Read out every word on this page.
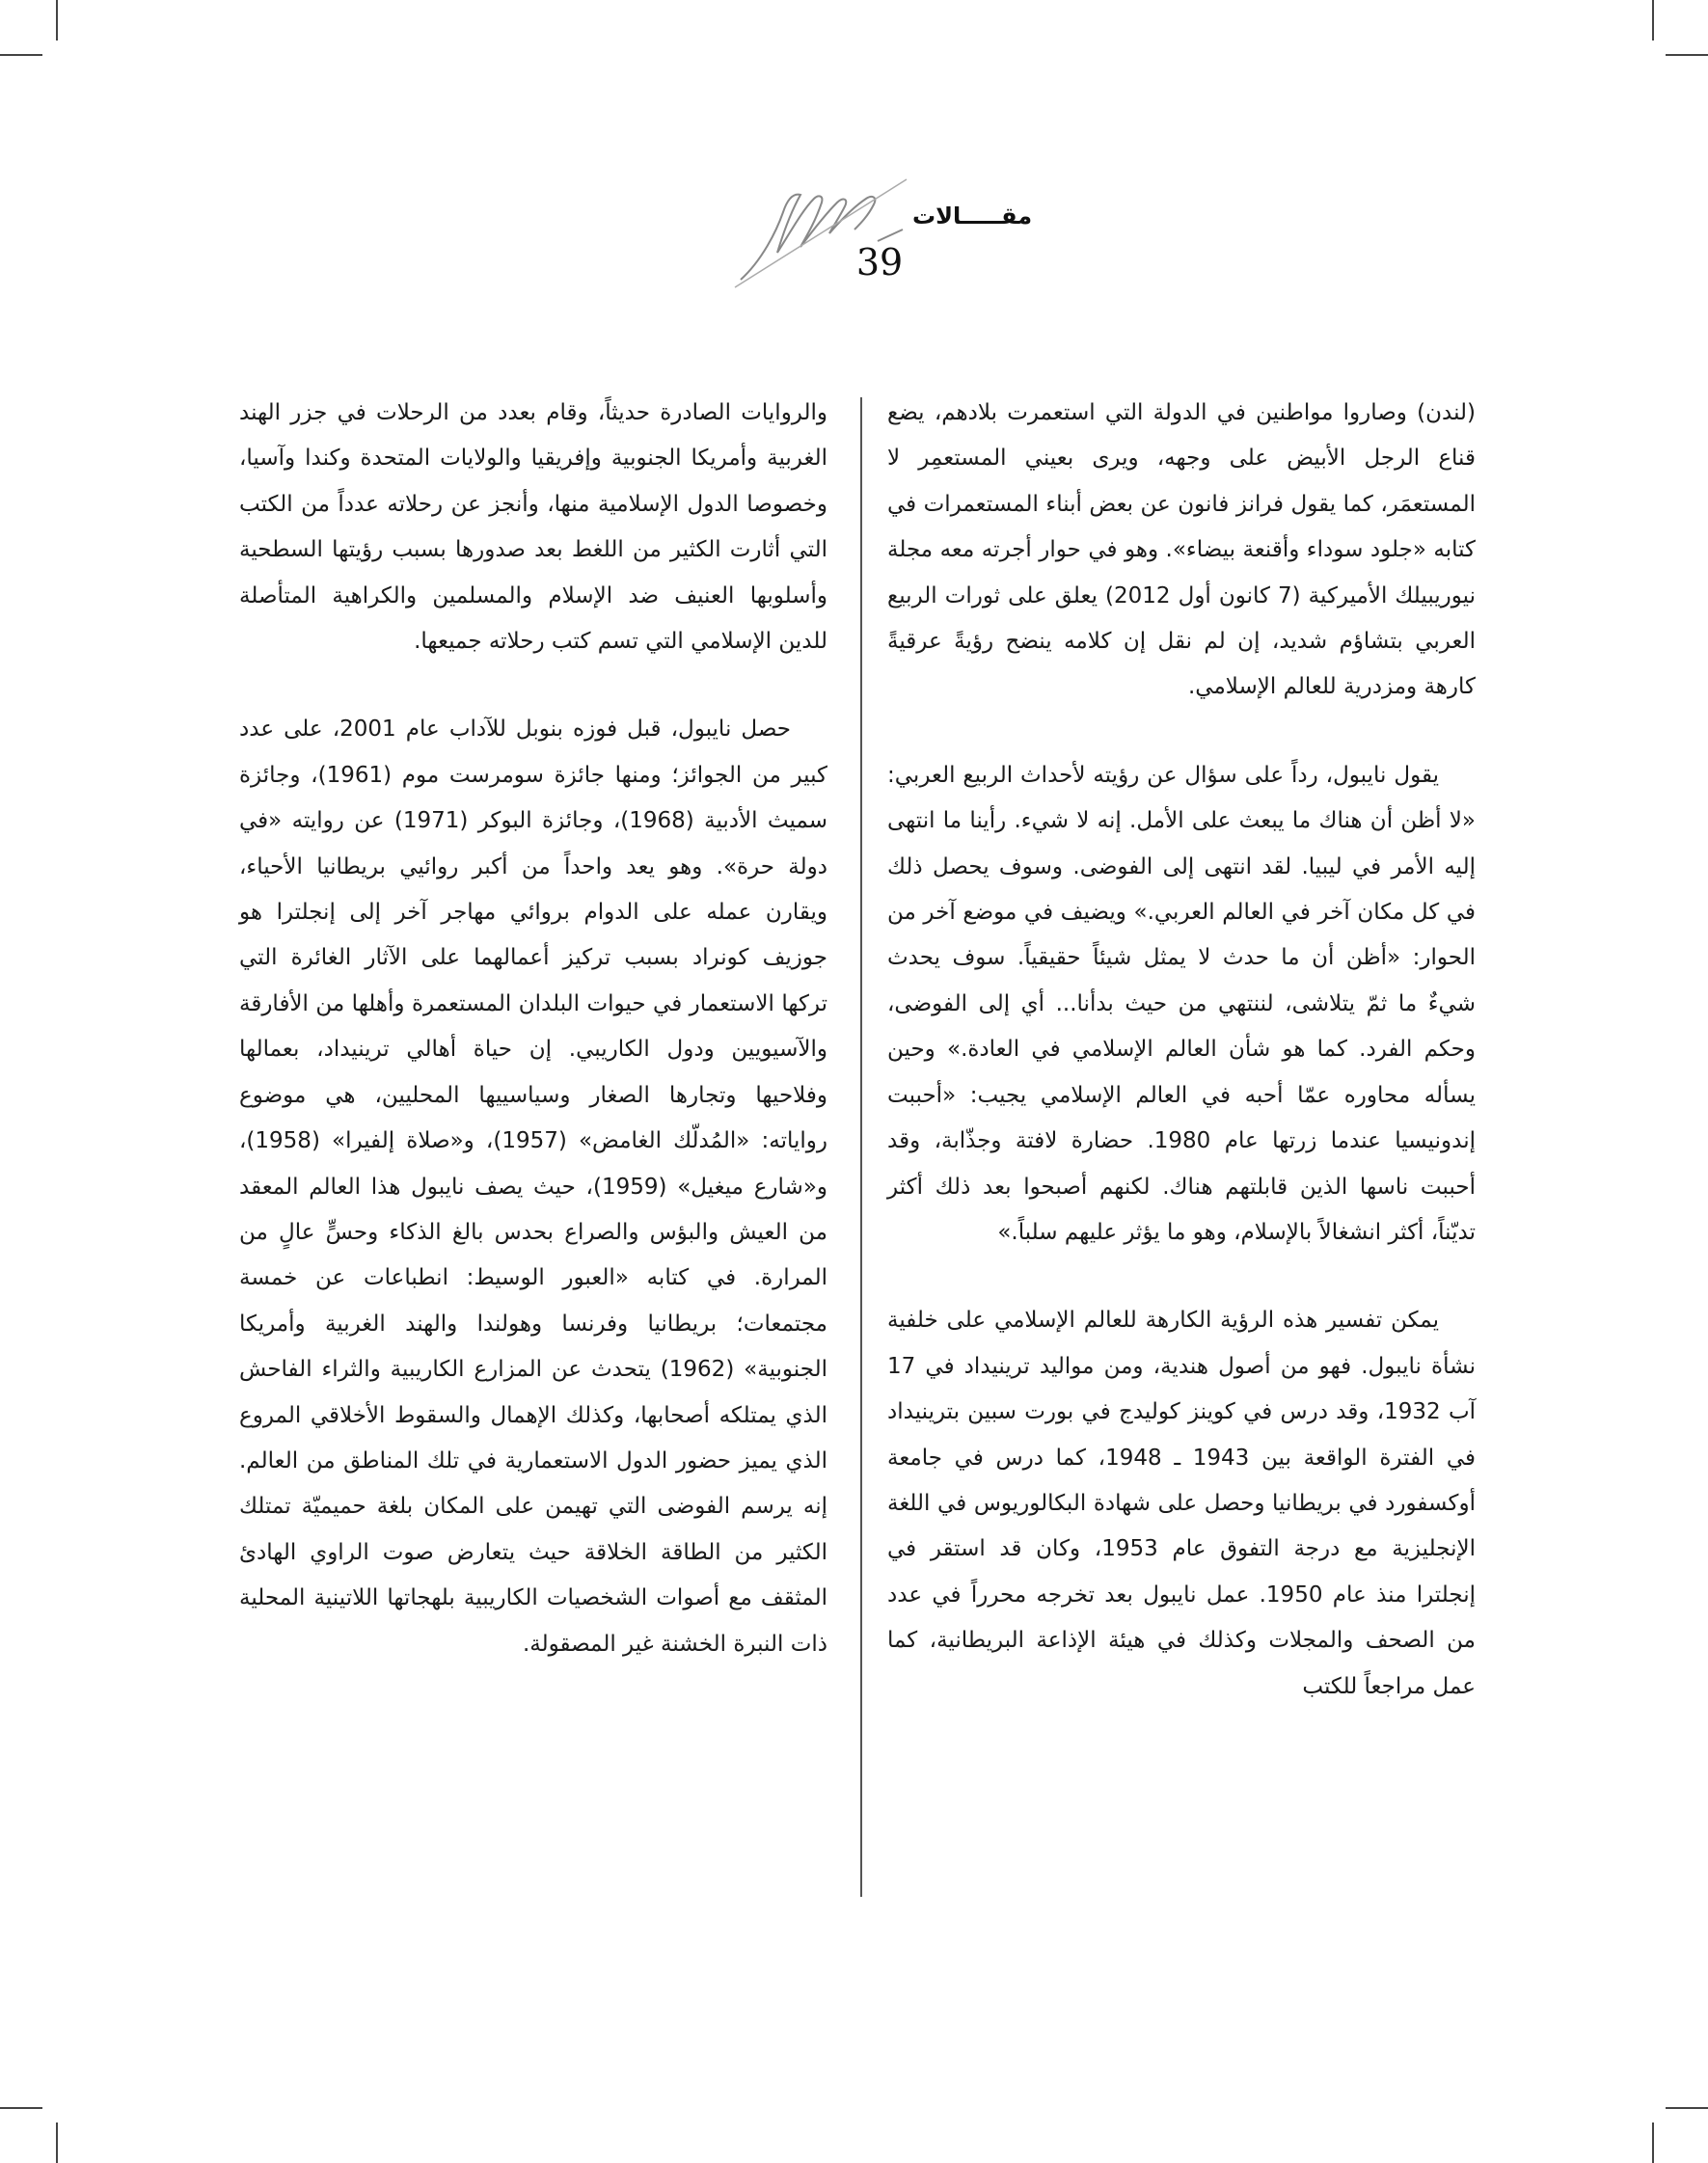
مقـــــالات
39

(لندن) وصاروا مواطنين في الدولة التي استعمرت بلادهم، يضع قناع الرجل الأبيض على وجهه، ويرى بعيني المستعمِر لا المستعمَر، كما يقول فرانز فانون عن بعض أبناء المستعمرات في كتابه «جلود سوداء وأقنعة بيضاء». وهو في حوار أجرته معه مجلة نيوريبيلك الأميركية (7 كانون أول 2012) يعلق على ثورات الربيع العربي بتشاؤم شديد، إن لم نقل إن كلامه ينضح رؤيةً عرقيةً كارهة ومزدرية للعالم الإسلامي.

يقول نايبول، رداً على سؤال عن رؤيته لأحداث الربيع العربي: «لا أظن أن هناك ما يبعث على الأمل. إنه لا شيء. رأينا ما انتهى إليه الأمر في ليبيا. لقد انتهى إلى الفوضى. وسوف يحصل ذلك في كل مكان آخر في العالم العربي.» ويضيف في موضع آخر من الحوار: «أظن أن ما حدث لا يمثل شيئاً حقيقياً. سوف يحدث شيءٌ ما ثمّ يتلاشى، لننتهي من حيث بدأنا... أي إلى الفوضى، وحكم الفرد. كما هو شأن العالم الإسلامي في العادة.» وحين يسأله محاوره عمّا أحبه في العالم الإسلامي يجيب: «أحببت إندونيسيا عندما زرتها عام 1980. حضارة لافتة وجذّابة، وقد أحببت ناسها الذين قابلتهم هناك. لكنهم أصبحوا بعد ذلك أكثر تديّناً، أكثر انشغالاً بالإسلام، وهو ما يؤثر عليهم سلباً.»

يمكن تفسير هذه الرؤية الكارهة للعالم الإسلامي على خلفية نشأة نايبول. فهو من أصول هندية، ومن مواليد ترينيداد في 17 آب 1932، وقد درس في كوينز كوليدج في بورت سبين بترينيداد في الفترة الواقعة بين 1943 ـ 1948، كما درس في جامعة أوكسفورد في بريطانيا وحصل على شهادة البكالوريوس في اللغة الإنجليزية مع درجة التفوق عام 1953، وكان قد استقر في إنجلترا منذ عام 1950. عمل نايبول بعد تخرجه محرراً في عدد من الصحف والمجلات وكذلك في هيئة الإذاعة البريطانية، كما عمل مراجعاً للكتب

والروايات الصادرة حديثاً، وقام بعدد من الرحلات في جزر الهند الغربية وأمريكا الجنوبية وإفريقيا والولايات المتحدة وكندا وآسيا، وخصوصا الدول الإسلامية منها، وأنجز عن رحلاته عدداً من الكتب التي أثارت الكثير من اللغط بعد صدورها بسبب رؤيتها السطحية وأسلوبها العنيف ضد الإسلام والمسلمين والكراهية المتأصلة للدين الإسلامي التي تسم كتب رحلاته جميعها.

حصل نايبول، قبل فوزه بنوبل للآداب عام 2001، على عدد كبير من الجوائز؛ ومنها جائزة سومرست موم (1961)، وجائزة سميث الأدبية (1968)، وجائزة البوكر (1971) عن روايته «في دولة حرة». وهو يعد واحداً من أكبر روائيي بريطانيا الأحياء، ويقارن عمله على الدوام بروائي مهاجر آخر إلى إنجلترا هو جوزيف كونراد بسبب تركيز أعمالهما على الآثار الغائرة التي تركها الاستعمار في حيوات البلدان المستعمرة وأهلها من الأفارقة والآسيويين ودول الكاريبي. إن حياة أهالي ترينيداد، بعمالها وفلاحيها وتجارها الصغار وسياسييها المحليين، هي موضوع رواياته: «المُدلّك الغامض» (1957)، و«صلاة إلفيرا» (1958)، و«شارع ميغيل» (1959)، حيث يصف نايبول هذا العالم المعقد من العيش والبؤس والصراع بحدس بالغ الذكاء وحسٍّ عالٍ من المرارة. في كتابه «العبور الوسيط: انطباعات عن خمسة مجتمعات؛ بريطانيا وفرنسا وهولندا والهند الغربية وأمريكا الجنوبية» (1962) يتحدث عن المزارع الكاريبية والثراء الفاحش الذي يمتلكه أصحابها، وكذلك الإهمال والسقوط الأخلاقي المروع الذي يميز حضور الدول الاستعمارية في تلك المناطق من العالم. إنه يرسم الفوضى التي تهيمن على المكان بلغة حميميّة تمتلك الكثير من الطاقة الخلاقة حيث يتعارض صوت الراوي الهادئ المثقف مع أصوات الشخصيات الكاريبية بلهجاتها اللاتينية المحلية ذات النبرة الخشنة غير المصقولة.
